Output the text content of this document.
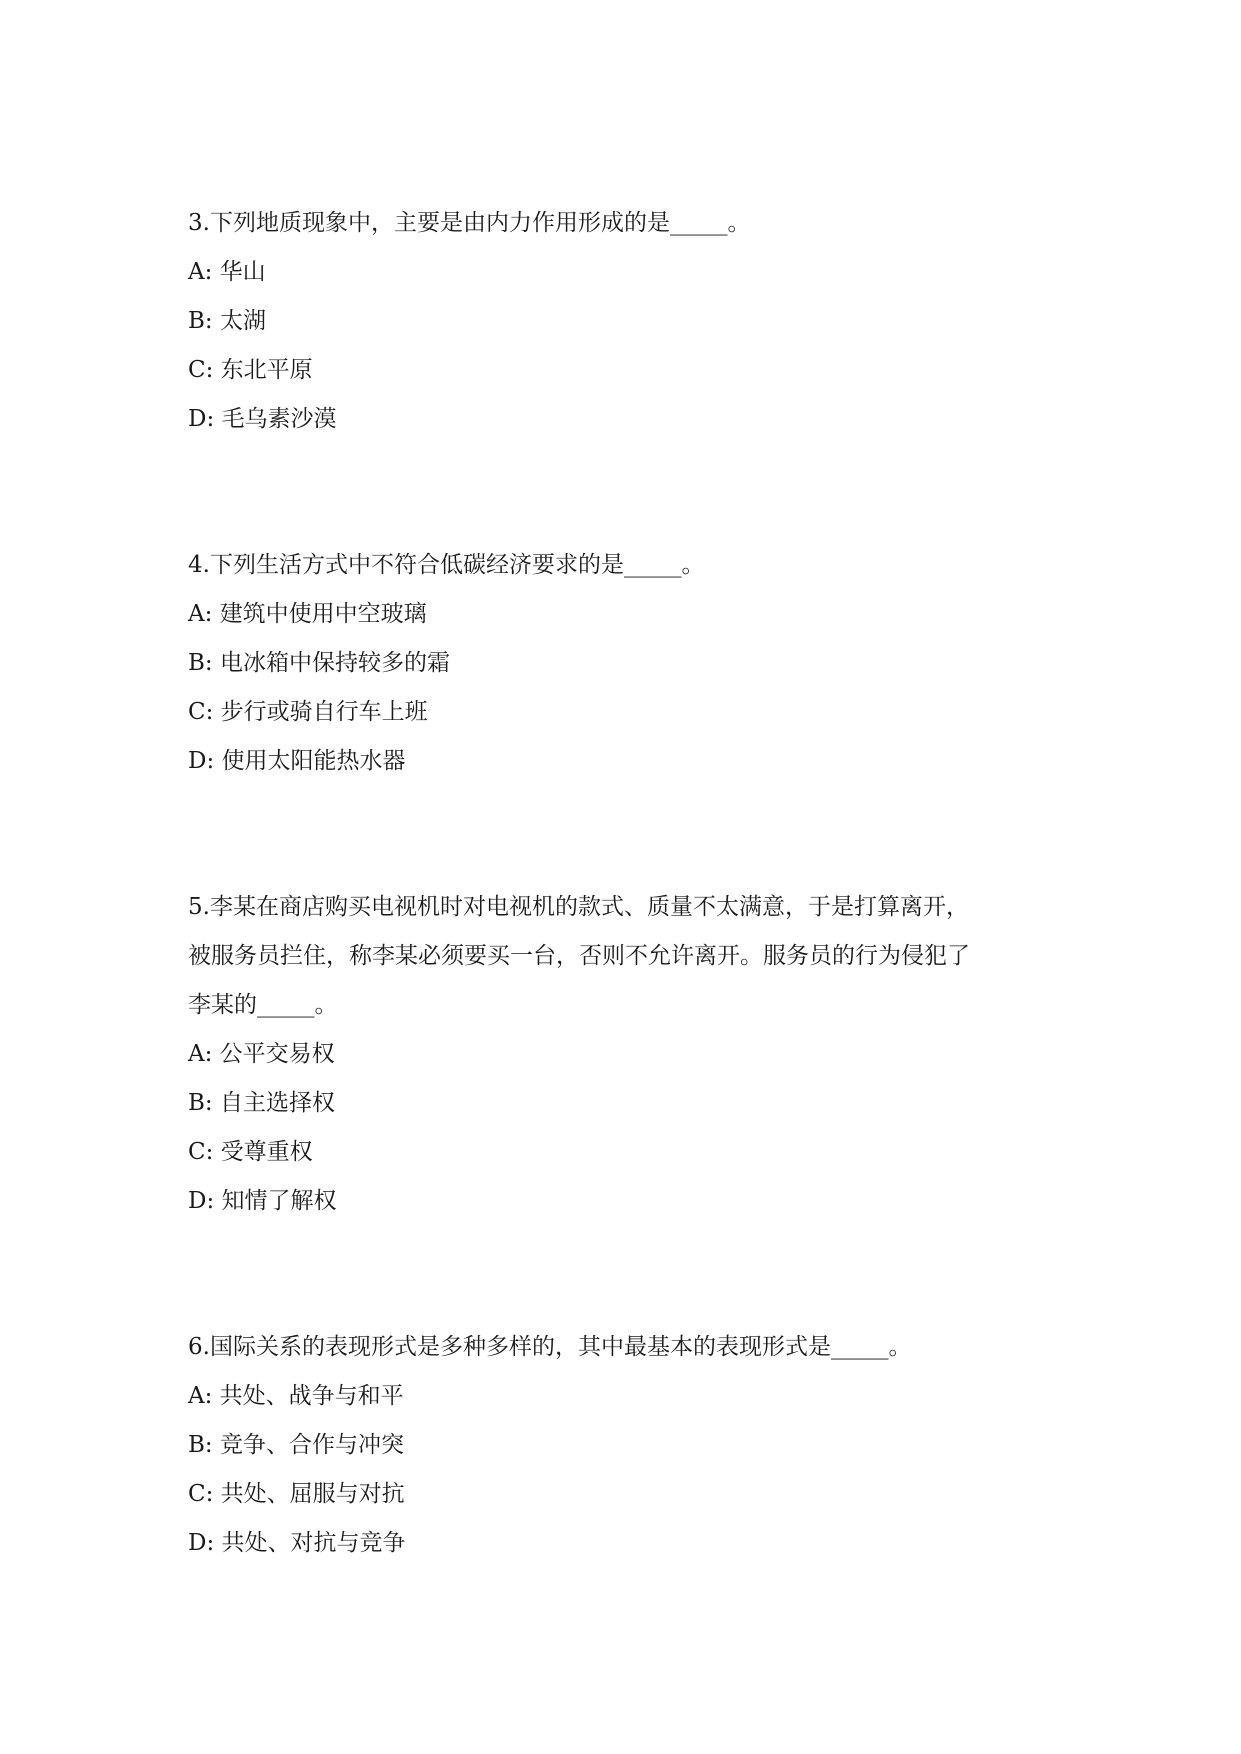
3.下列地质现象中，主要是由内力作用形成的是_____。

A: 华山

B: 太湖

C: 东北平原

D: 毛乌素沙漠

4.下列生活方式中不符合低碳经济要求的是_____。

A: 建筑中使用中空玻璃

B: 电冰箱中保持较多的霜

C: 步行或骑自行车上班

D: 使用太阳能热水器

5.李某在商店购买电视机时对电视机的款式、质量不太满意，于是打算离开，

被服务员拦住，称李某必须要买一台，否则不允许离开。服务员的行为侵犯了

李某的_____。

A: 公平交易权

B: 自主选择权

C: 受尊重权

D: 知情了解权

6.国际关系的表现形式是多种多样的，其中最基本的表现形式是_____。

A: 共处、战争与和平

B: 竞争、合作与冲突

C: 共处、屈服与对抗

D: 共处、对抗与竞争
